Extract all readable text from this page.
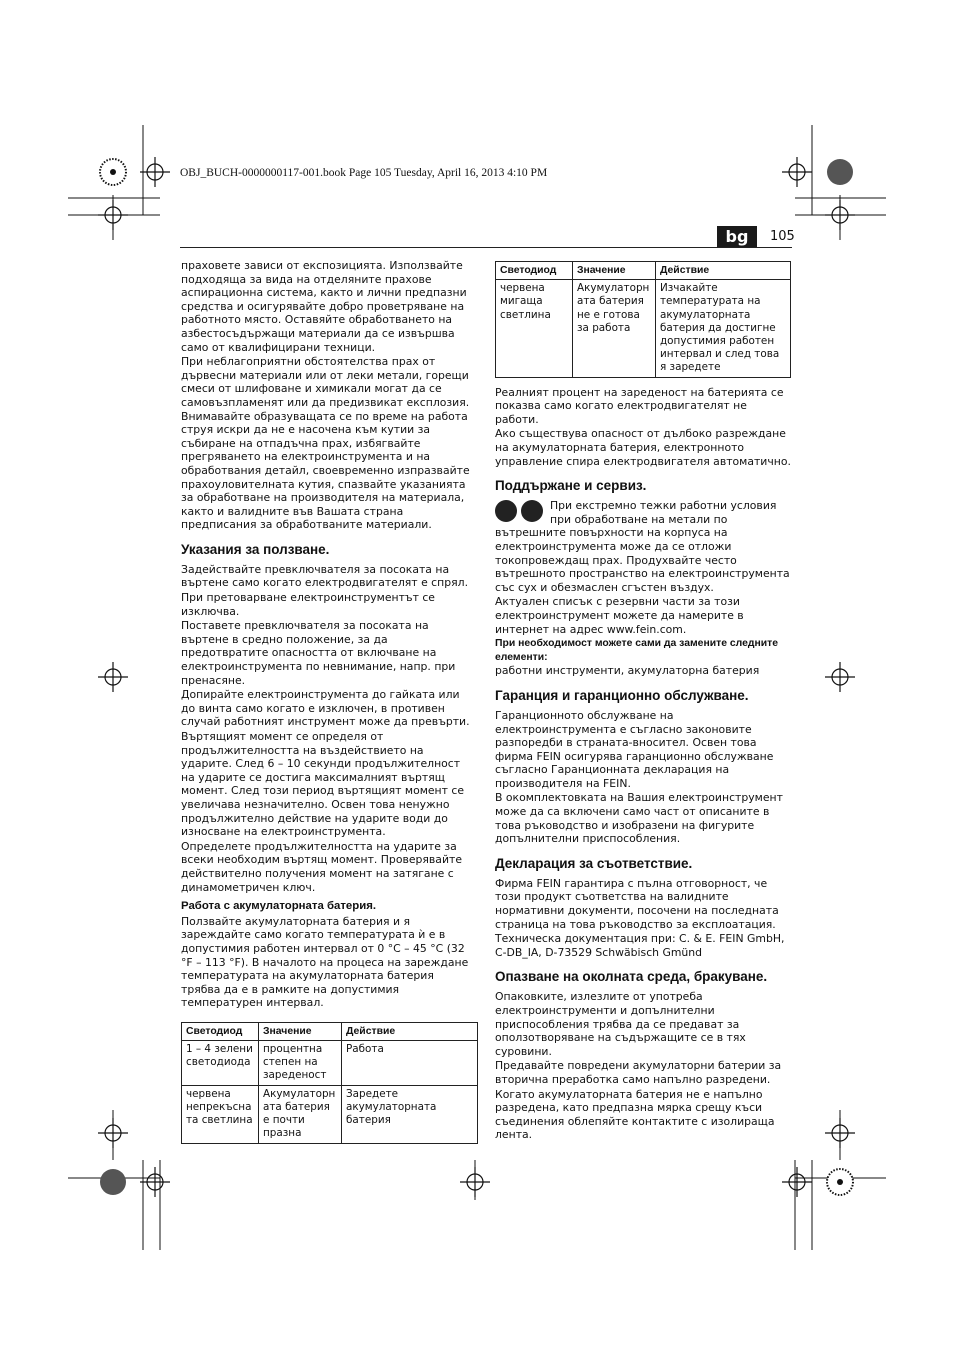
OBJ_BUCH-0000000117-001.book Page 105 Tuesday, April 16, 2013 4:10 PM
bg	105

праховете зависи от експозицията. Използвайте подходяща за вида на отделяните прахове аспирационна система, както и лични предпазни средства и осигурявайте добро проветряване на работното място. Оставяйте обработването на азбестосъдържащи материали да се извършва само от квалифицирани техници.

При неблагоприятни обстоятелства прах от дървесни материали или от леки метали, горещи смеси от шлифоване и химикали могат да се самовъзпламенят или да предизвикат експлозия. Внимавайте образуващата се по време на работа струя искри да не е насочена към кутии за събиране на отпадъчна прах, избягвайте прегряването на електроинструмента и на обработвания детайл, своевременно изпразвайте прахоуловителната кутия, спазвайте указанията за обработване на производителя на материала, както и валидните във Вашата страна предписания за обработваните материали.

Указания за ползване.

Задействайте превключвателя за посоката на въртене само когато електродвигателят е спрял.

При претоварване електроинструментът се изключва.

Поставете превключвателя за посоката на въртене в средно положение, за да предотвратите опасността от включване на електроинструмента по невнимание, напр. при пренасяне.

Допирайте електроинструмента до гайката или до винта само когато е изключен, в противен случай работният инструмент може да превърти.

Въртящият момент се определя от продължителността на въздействието на ударите. След 6 – 10 секунди продължителност на ударите се достига максималният въртящ момент. След този период въртящият момент се увеличава незначително. Освен това ненужно продължително действие на ударите води до износване на електроинструмента.

Определете продължителността на ударите за всеки необходим въртящ момент. Проверявайте действително получения момент на затягане с динамометричен ключ.

Работа с акумулаторната батерия.

Ползвайте акумулаторната батерия и я зареждайте само когато температурата ѝ е в допустимия работен интервал от 0 °C – 45 °C (32 °F – 113 °F). В началото на процеса на зареждане температурата на акумулаторната батерия трябва да е в рамките на допустимия температурен интервал.

Светодиод	Значение	Действие
1 – 4 зелени светодиода	процентна степен на зареденост	Работа
червена непрекъсна та светлина	Акумулаторн ата батерия е почти празна	Заредете акумулаторната батерия
Светодиод	Значение	Действие
червена мигаща светлина	Акумулаторн ата батерия не е готова за работа	Изчакайте температурата на акумулаторната батерия да достигне допустимия работен интервал и след това я заредете

Реалният процент на зареденост на батерията се показва само когато електродвигателят не работи.

Ако съществува опасност от дълбоко разреждане на акумулаторната батерия, електронното управление спира електродвигателя автоматично.

Поддържане и сервиз.

При екстремно тежки работни условия при обработване на метали по вътрешните повърхности на корпуса на електроинструмента може да се отложи токопровеждащ прах. Продухвайте често вътрешното пространство на електроинструмента със сух и обезмаслен сгъстен въздух.

Актуален списък с резервни части за този електроинструмент можете да намерите в интернет на адрес www.fein.com.

При необходимост можете сами да замените следните елементи:

работни инструменти, акумулаторна батерия

Гаранция и гаранционно обслужване.

Гаранционното обслужване на електроинструмента е съгласно законовите разпоредби в страната-вносител. Освен това фирма FEIN осигурява гаранционно обслужване съгласно Гаранционната декларация на производителя на FEIN.

В окомплектовката на Вашия електроинструмент може да са включени само част от описаните в това ръководство и изобразени на фигурите допълнителни приспособления.

Декларация за съответствие.

Фирма FEIN гарантира с пълна отговорност, че този продукт съответства на валидните нормативни документи, посочени на последната страница на това ръководство за експлоатация.

Техническа документация при: C. & E. FEIN GmbH, C-DB_IA, D-73529 Schwäbisch Gmünd

Опазване на околната среда, бракуване.

Опаковките, излезлите от употреба електроинструменти и допълнителни приспособления трябва да се предават за оползотворяване на съдържащите се в тях суровини.

Предавайте повредени акумулаторни батерии за вторична преработка само напълно разредени.

Когато акумулаторната батерия не е напълно разредена, като предпазна мярка срещу къси съединения облепяйте контактите с изолираща лента.
